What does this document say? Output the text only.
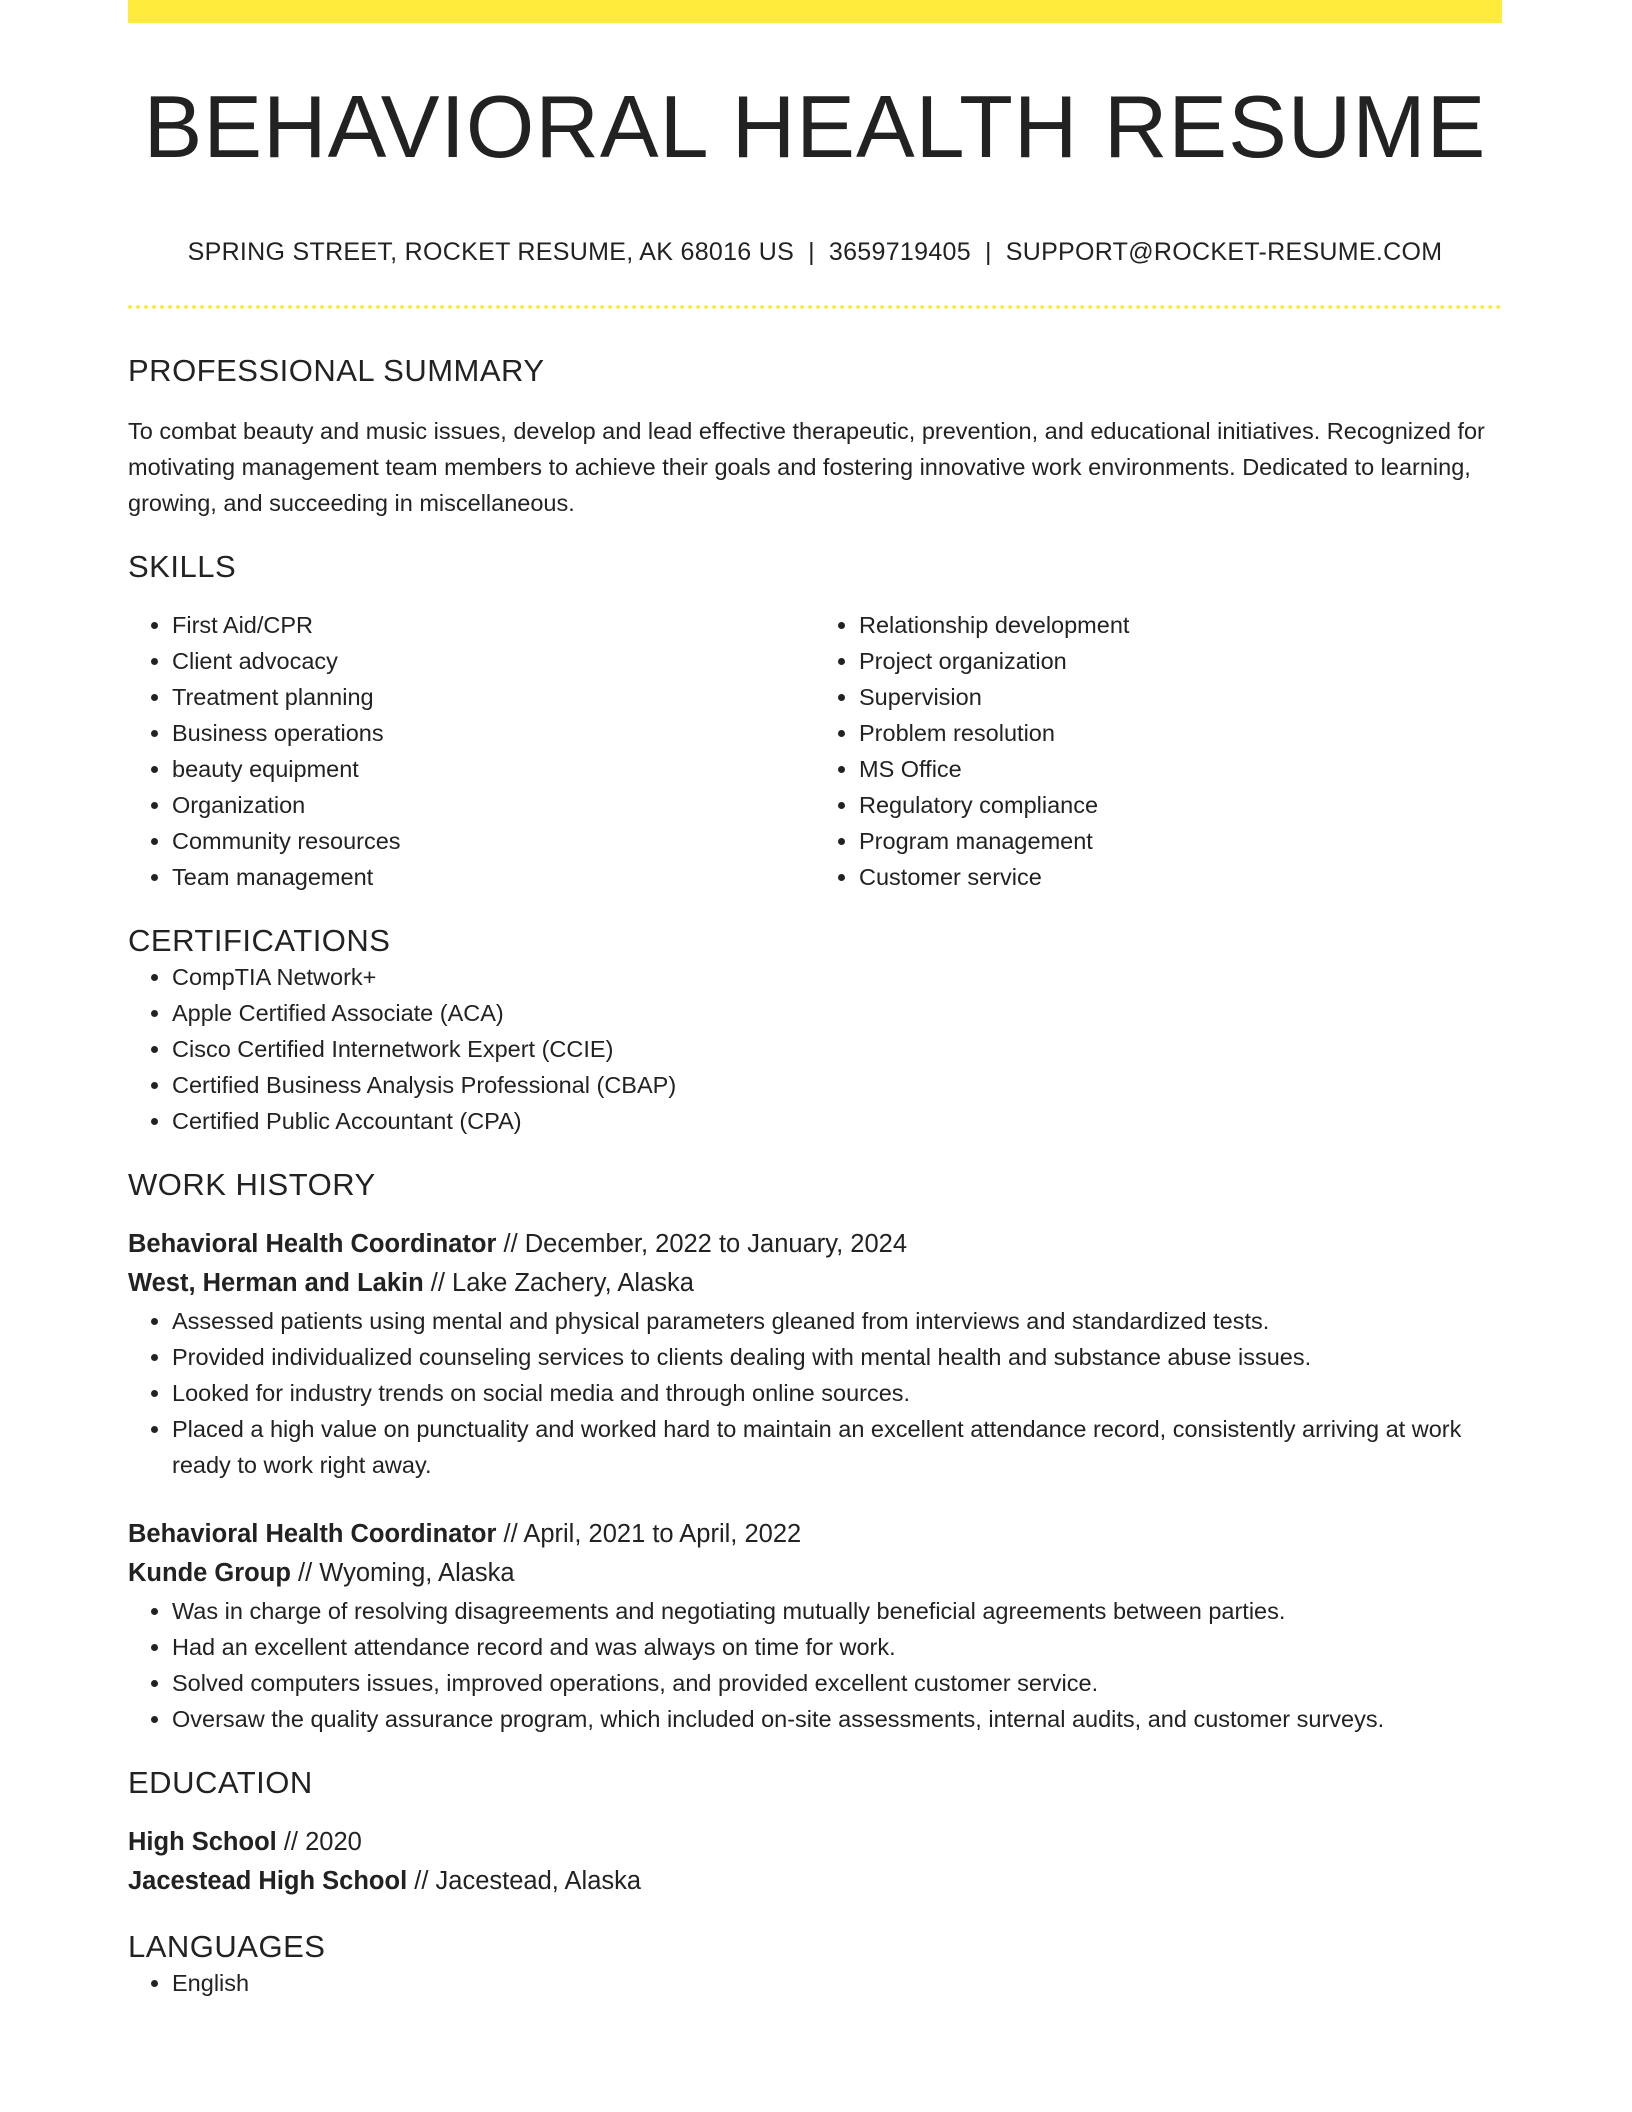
BEHAVIORAL HEALTH RESUME
SPRING STREET, ROCKET RESUME, AK 68016 US | 3659719405 | SUPPORT@ROCKET-RESUME.COM
PROFESSIONAL SUMMARY
To combat beauty and music issues, develop and lead effective therapeutic, prevention, and educational initiatives. Recognized for motivating management team members to achieve their goals and fostering innovative work environments. Dedicated to learning, growing, and succeeding in miscellaneous.
SKILLS
• First Aid/CPR
• Client advocacy
• Treatment planning
• Business operations
• beauty equipment
• Organization
• Community resources
• Team management
• Relationship development
• Project organization
• Supervision
• Problem resolution
• MS Office
• Regulatory compliance
• Program management
• Customer service
CERTIFICATIONS
• CompTIA Network+
• Apple Certified Associate (ACA)
• Cisco Certified Internetwork Expert (CCIE)
• Certified Business Analysis Professional (CBAP)
• Certified Public Accountant (CPA)
WORK HISTORY
Behavioral Health Coordinator // December, 2022 to January, 2024
West, Herman and Lakin // Lake Zachery, Alaska
• Assessed patients using mental and physical parameters gleaned from interviews and standardized tests.
• Provided individualized counseling services to clients dealing with mental health and substance abuse issues.
• Looked for industry trends on social media and through online sources.
• Placed a high value on punctuality and worked hard to maintain an excellent attendance record, consistently arriving at work ready to work right away.
Behavioral Health Coordinator // April, 2021 to April, 2022
Kunde Group // Wyoming, Alaska
• Was in charge of resolving disagreements and negotiating mutually beneficial agreements between parties.
• Had an excellent attendance record and was always on time for work.
• Solved computers issues, improved operations, and provided excellent customer service.
• Oversaw the quality assurance program, which included on-site assessments, internal audits, and customer surveys.
EDUCATION
High School // 2020
Jacestead High School // Jacestead, Alaska
LANGUAGES
• English
